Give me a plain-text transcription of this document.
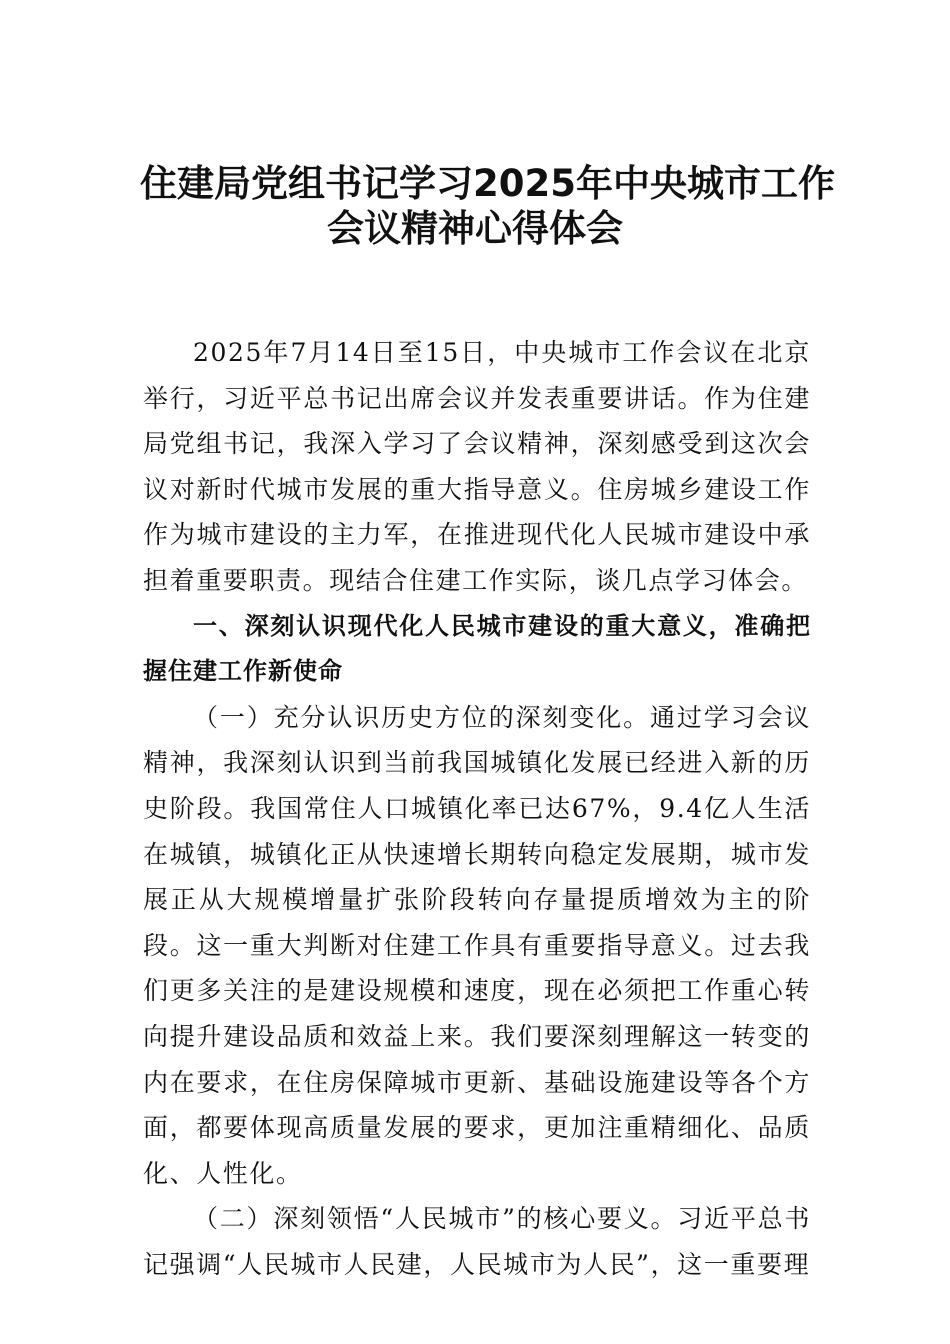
住建局党组书记学习2025年中央城市工作
会议精神心得体会

2025年7月14日至15日，中央城市工作会议在北京举行，习近平总书记出席会议并发表重要讲话。作为住建局党组书记，我深入学习了会议精神，深刻感受到这次会议对新时代城市发展的重大指导意义。住房城乡建设工作作为城市建设的主力军，在推进现代化人民城市建设中承担着重要职责。现结合住建工作实际，谈几点学习体会。

一、深刻认识现代化人民城市建设的重大意义，准确把握住建工作新使命

（一）充分认识历史方位的深刻变化。通过学习会议精神，我深刻认识到当前我国城镇化发展已经进入新的历史阶段。我国常住人口城镇化率已达67%，9.4亿人生活在城镇，城镇化正从快速增长期转向稳定发展期，城市发展正从大规模增量扩张阶段转向存量提质增效为主的阶段。这一重大判断对住建工作具有重要指导意义。过去我们更多关注的是建设规模和速度，现在必须把工作重心转向提升建设品质和效益上来。我们要深刻理解这一转变的内在要求，在住房保障城市更新、基础设施建设等各个方面，都要体现高质量发展的要求，更加注重精细化、品质化、人性化。

（二）深刻领悟“人民城市”的核心要义。习近平总书记强调“人民城市人民建，人民城市为人民”，这一重要理
